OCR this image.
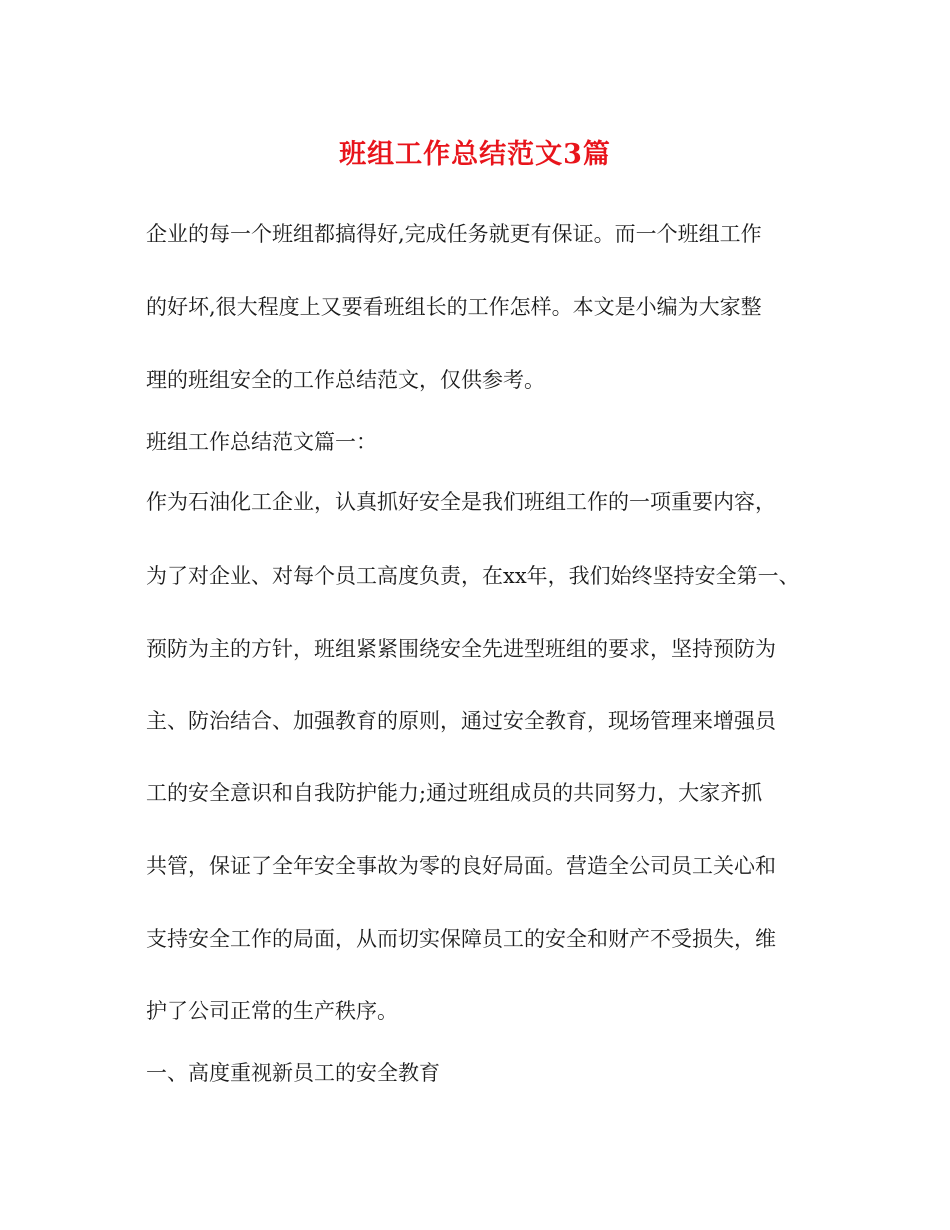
班组工作总结范文3篇

企业的每一个班组都搞得好,完成任务就更有保证。而一个班组工作

的好坏,很大程度上又要看班组长的工作怎样。本文是小编为大家整

理的班组安全的工作总结范文，仅供参考。

班组工作总结范文篇一：

作为石油化工企业，认真抓好安全是我们班组工作的一项重要内容，

为了对企业、对每个员工高度负责，在xx年，我们始终坚持安全第一、

预防为主的方针，班组紧紧围绕安全先进型班组的要求，坚持预防为

主、防治结合、加强教育的原则，通过安全教育，现场管理来增强员

工的安全意识和自我防护能力;通过班组成员的共同努力，大家齐抓

共管，保证了全年安全事故为零的良好局面。营造全公司员工关心和

支持安全工作的局面，从而切实保障员工的安全和财产不受损失，维

护了公司正常的生产秩序。

一、高度重视新员工的安全教育
